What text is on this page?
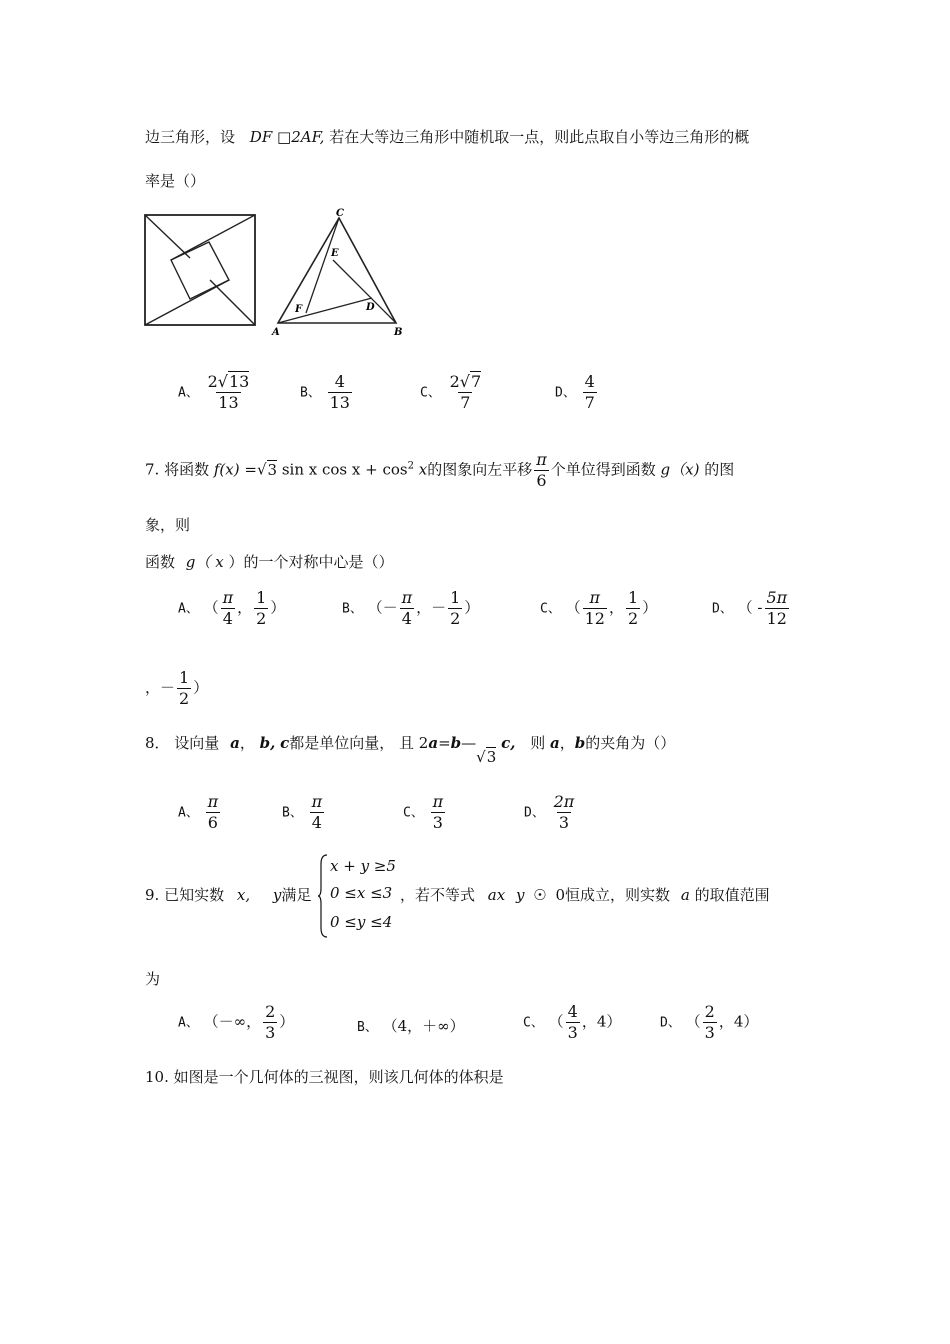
边三角形，设 DF □2AF, 若在大等边三角形中随机取一点，则此点取自小等边三角形的概
率是（）
C
E
F	D
A	B
A、 $\frac{2√13}{13}$	B、 $\frac{4}{13}$	C、 $\frac{2√7}{7}$	D、 $\frac{4}{7}$
7. 将函数 f(x) =√3 sin x $\cos x + \cos^2 x$的图象向左平移 $\frac{\pi}{6}$ 个单位得到函数 g（x) 的图
象，则
函数 g（ x ）的一个对称中心是（）
A、 （ $\frac{\pi}{4}$ ， $\frac{1}{2}$ ）	B、 （－ $\frac{\pi}{4}$ ，－ $\frac{1}{2}$ ）	C、 （ $\frac{\pi}{12}$ ， $\frac{1}{2}$ ）	D、 （ - $\frac{5\pi}{12}$
，－ $\frac{1}{2}$ ）
8． 设向量 a， b, c都是单位向量， 且 2a=b—√3 c, 则 a，b的夹角为（）
A、 $\frac{\pi}{6}$	B、 $\frac{\pi}{4}$	C、 $\frac{\pi}{3}$	D、 $\frac{2\pi}{3}$
9. 已知实数 x, y满足
x + y ≥5
0 ≤x ≤3
0 ≤y ≤4
，若不等式 ax y ☉ 0恒成立，则实数 a 的取值范围
为
A、 （－∞， $\frac{2}{3}$ ）	B、 （4，＋∞）	C、 （ $\frac{4}{3}$ ，4）	D、 （ $\frac{2}{3}$ ，4）
10. 如图是一个几何体的三视图，则该几何体的体积是
